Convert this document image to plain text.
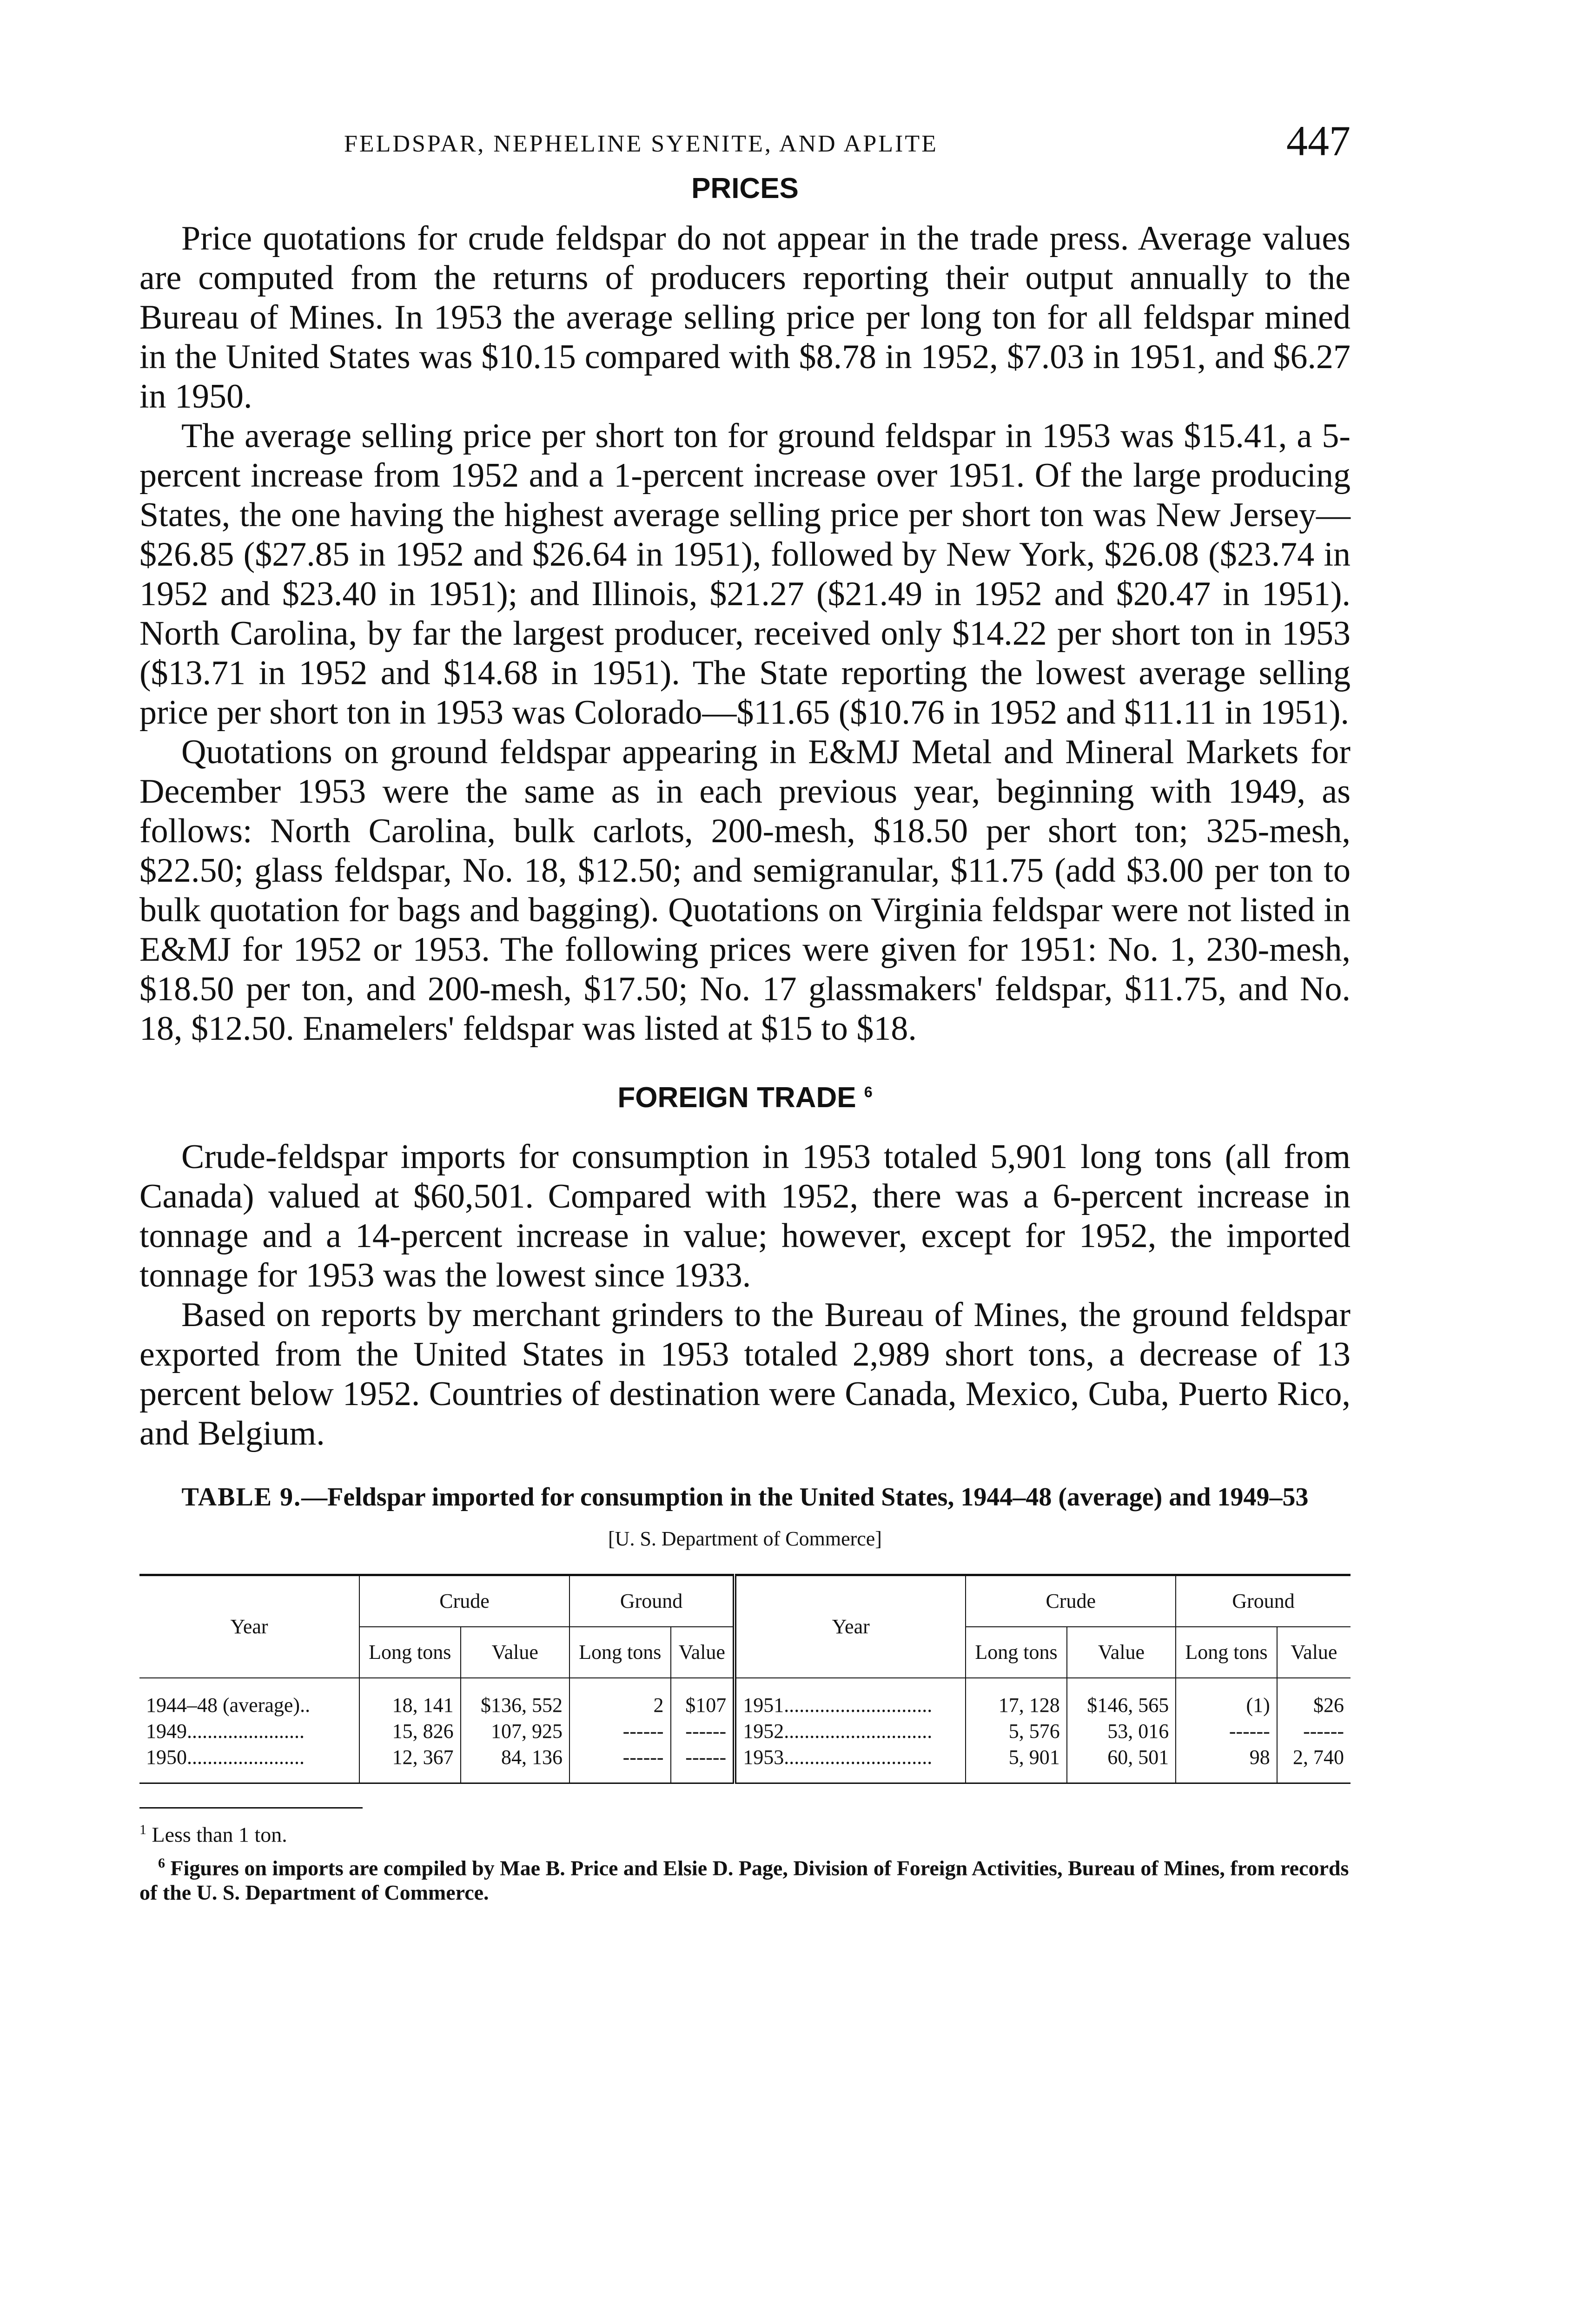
FELDSPAR, NEPHELINE SYENITE, AND APLITE	447
PRICES

Price quotations for crude feldspar do not appear in the trade press. Average values are computed from the returns of producers reporting their output annually to the Bureau of Mines. In 1953 the average selling price per long ton for all feldspar mined in the United States was $10.15 compared with $8.78 in 1952, $7.03 in 1951, and $6.27 in 1950.

The average selling price per short ton for ground feldspar in 1953 was $15.41, a 5-percent increase from 1952 and a 1-percent increase over 1951. Of the large producing States, the one having the highest average selling price per short ton was New Jersey—$26.85 ($27.85 in 1952 and $26.64 in 1951), followed by New York, $26.08 ($23.74 in 1952 and $23.40 in 1951); and Illinois, $21.27 ($21.49 in 1952 and $20.47 in 1951). North Carolina, by far the largest producer, received only $14.22 per short ton in 1953 ($13.71 in 1952 and $14.68 in 1951). The State reporting the lowest average selling price per short ton in 1953 was Colorado—$11.65 ($10.76 in 1952 and $11.11 in 1951).

Quotations on ground feldspar appearing in E&MJ Metal and Mineral Markets for December 1953 were the same as in each previous year, beginning with 1949, as follows: North Carolina, bulk carlots, 200-mesh, $18.50 per short ton; 325-mesh, $22.50; glass feldspar, No. 18, $12.50; and semigranular, $11.75 (add $3.00 per ton to bulk quotation for bags and bagging). Quotations on Virginia feldspar were not listed in E&MJ for 1952 or 1953. The following prices were given for 1951: No. 1, 230-mesh, $18.50 per ton, and 200-mesh, $17.50; No. 17 glassmakers' feldspar, $11.75, and No. 18, $12.50. Enamelers' feldspar was listed at $15 to $18.

FOREIGN TRADE $^6$

Crude-feldspar imports for consumption in 1953 totaled 5,901 long tons (all from Canada) valued at $60,501. Compared with 1952, there was a 6-percent increase in tonnage and a 14-percent increase in value; however, except for 1952, the imported tonnage for 1953 was the lowest since 1933.

Based on reports by merchant grinders to the Bureau of Mines, the ground feldspar exported from the United States in 1953 totaled 2,989 short tons, a decrease of 13 percent below 1952. Countries of destination were Canada, Mexico, Cuba, Puerto Rico, and Belgium.

TABLE 9.—Feldspar imported for consumption in the United States, 1944–48 (average) and 1949–53

[U. S. Department of Commerce]

Year	Crude		Ground		Year	Crude		Ground	
	Long tons	Value	Long tons	Value		Long tons	Value	Long tons	Value
1944–48 (average)..	18, 141	$136, 552	2	$107	1951.............................	17, 128	$146, 565	(1)	$26
1949.......................	15, 826	107, 925	------	------	1952.............................	5, 576	53, 016	------	------
1950.......................	12, 367	84, 136	------	------	1953.............................	5, 901	60, 501	98	2, 740

$^1$ Less than 1 ton.

$^6$ Figures on imports are compiled by Mae B. Price and Elsie D. Page, Division of Foreign Activities, Bureau of Mines, from records of the U. S. Department of Commerce.
